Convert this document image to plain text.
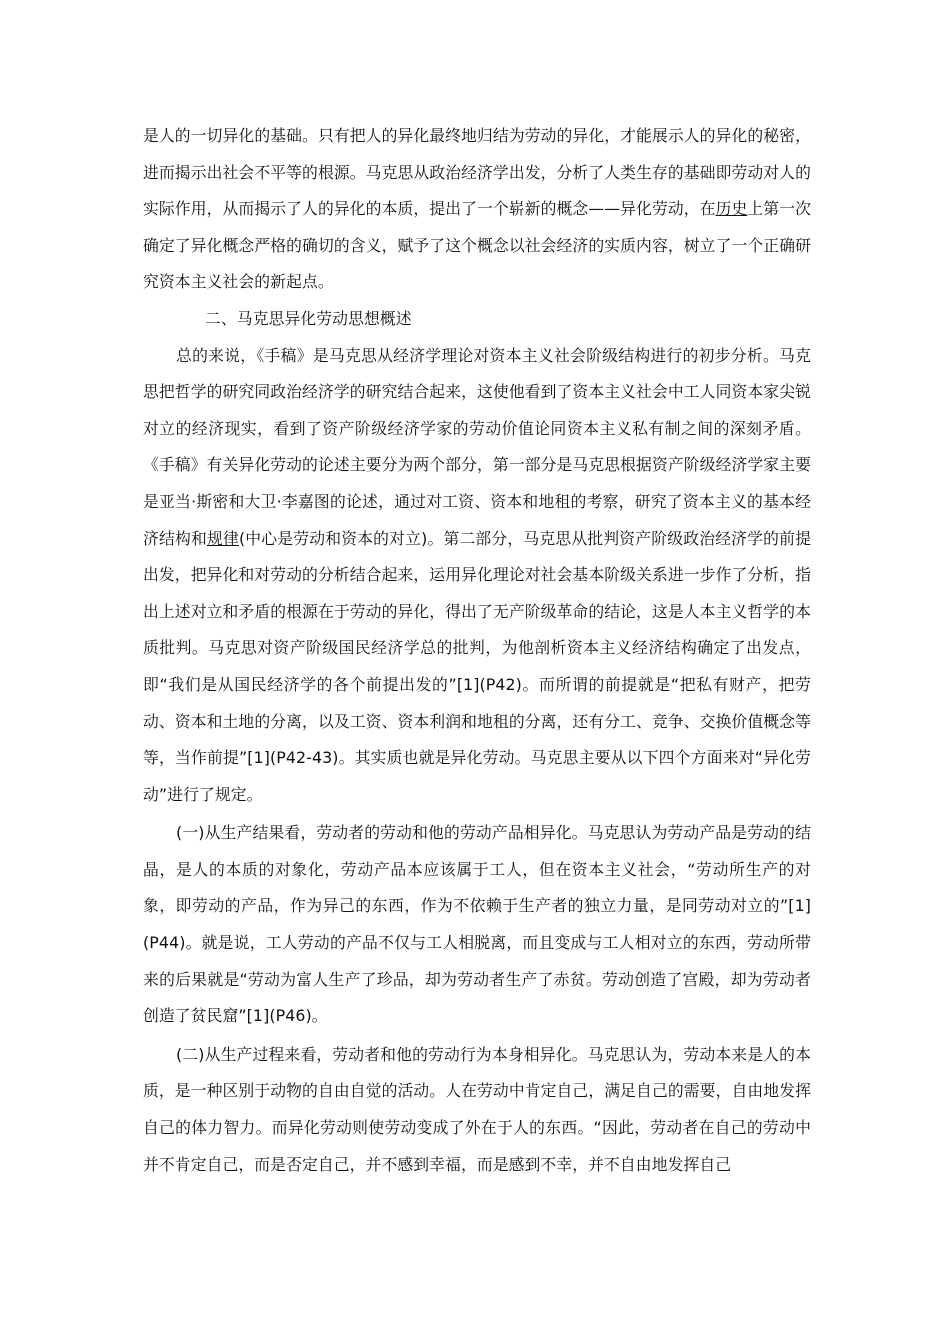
是人的一切异化的基础。只有把人的异化最终地归结为劳动的异化，才能展示人的异化的秘密，进而揭示出社会不平等的根源。马克思从政治经济学出发，分析了人类生存的基础即劳动对人的实际作用，从而揭示了人的异化的本质，提出了一个崭新的概念——异化劳动，在历史上第一次确定了异化概念严格的确切的含义，赋予了这个概念以社会经济的实质内容，树立了一个正确研究资本主义社会的新起点。

二、马克思异化劳动思想概述

总的来说，《手稿》是马克思从经济学理论对资本主义社会阶级结构进行的初步分析。马克思把哲学的研究同政治经济学的研究结合起来，这使他看到了资本主义社会中工人同资本家尖锐对立的经济现实，看到了资产阶级经济学家的劳动价值论同资本主义私有制之间的深刻矛盾。《手稿》有关异化劳动的论述主要分为两个部分，第一部分是马克思根据资产阶级经济学家主要是亚当·斯密和大卫·李嘉图的论述，通过对工资、资本和地租的考察，研究了资本主义的基本经济结构和规律(中心是劳动和资本的对立)。第二部分，马克思从批判资产阶级政治经济学的前提出发，把异化和对劳动的分析结合起来，运用异化理论对社会基本阶级关系进一步作了分析，指出上述对立和矛盾的根源在于劳动的异化，得出了无产阶级革命的结论，这是人本主义哲学的本质批判。马克思对资产阶级国民经济学总的批判，为他剖析资本主义经济结构确定了出发点，即“我们是从国民经济学的各个前提出发的”[1](P42)。而所谓的前提就是“把私有财产，把劳动、资本和土地的分离，以及工资、资本利润和地租的分离，还有分工、竞争、交换价值概念等等，当作前提”[1](P42-43)。其实质也就是异化劳动。马克思主要从以下四个方面来对“异化劳动”进行了规定。

(一)从生产结果看，劳动者的劳动和他的劳动产品相异化。马克思认为劳动产品是劳动的结晶，是人的本质的对象化，劳动产品本应该属于工人，但在资本主义社会，“劳动所生产的对象，即劳动的产品，作为异己的东西，作为不依赖于生产者的独立力量，是同劳动对立的”[1](P44)。就是说，工人劳动的产品不仅与工人相脱离，而且变成与工人相对立的东西，劳动所带来的后果就是“劳动为富人生产了珍品，却为劳动者生产了赤贫。劳动创造了宫殿，却为劳动者创造了贫民窟”[1](P46)。

(二)从生产过程来看，劳动者和他的劳动行为本身相异化。马克思认为，劳动本来是人的本质，是一种区别于动物的自由自觉的活动。人在劳动中肯定自己，满足自己的需要，自由地发挥自己的体力智力。而异化劳动则使劳动变成了外在于人的东西。“因此，劳动者在自己的劳动中并不肯定自己，而是否定自己，并不感到幸福，而是感到不幸，并不自由地发挥自己
